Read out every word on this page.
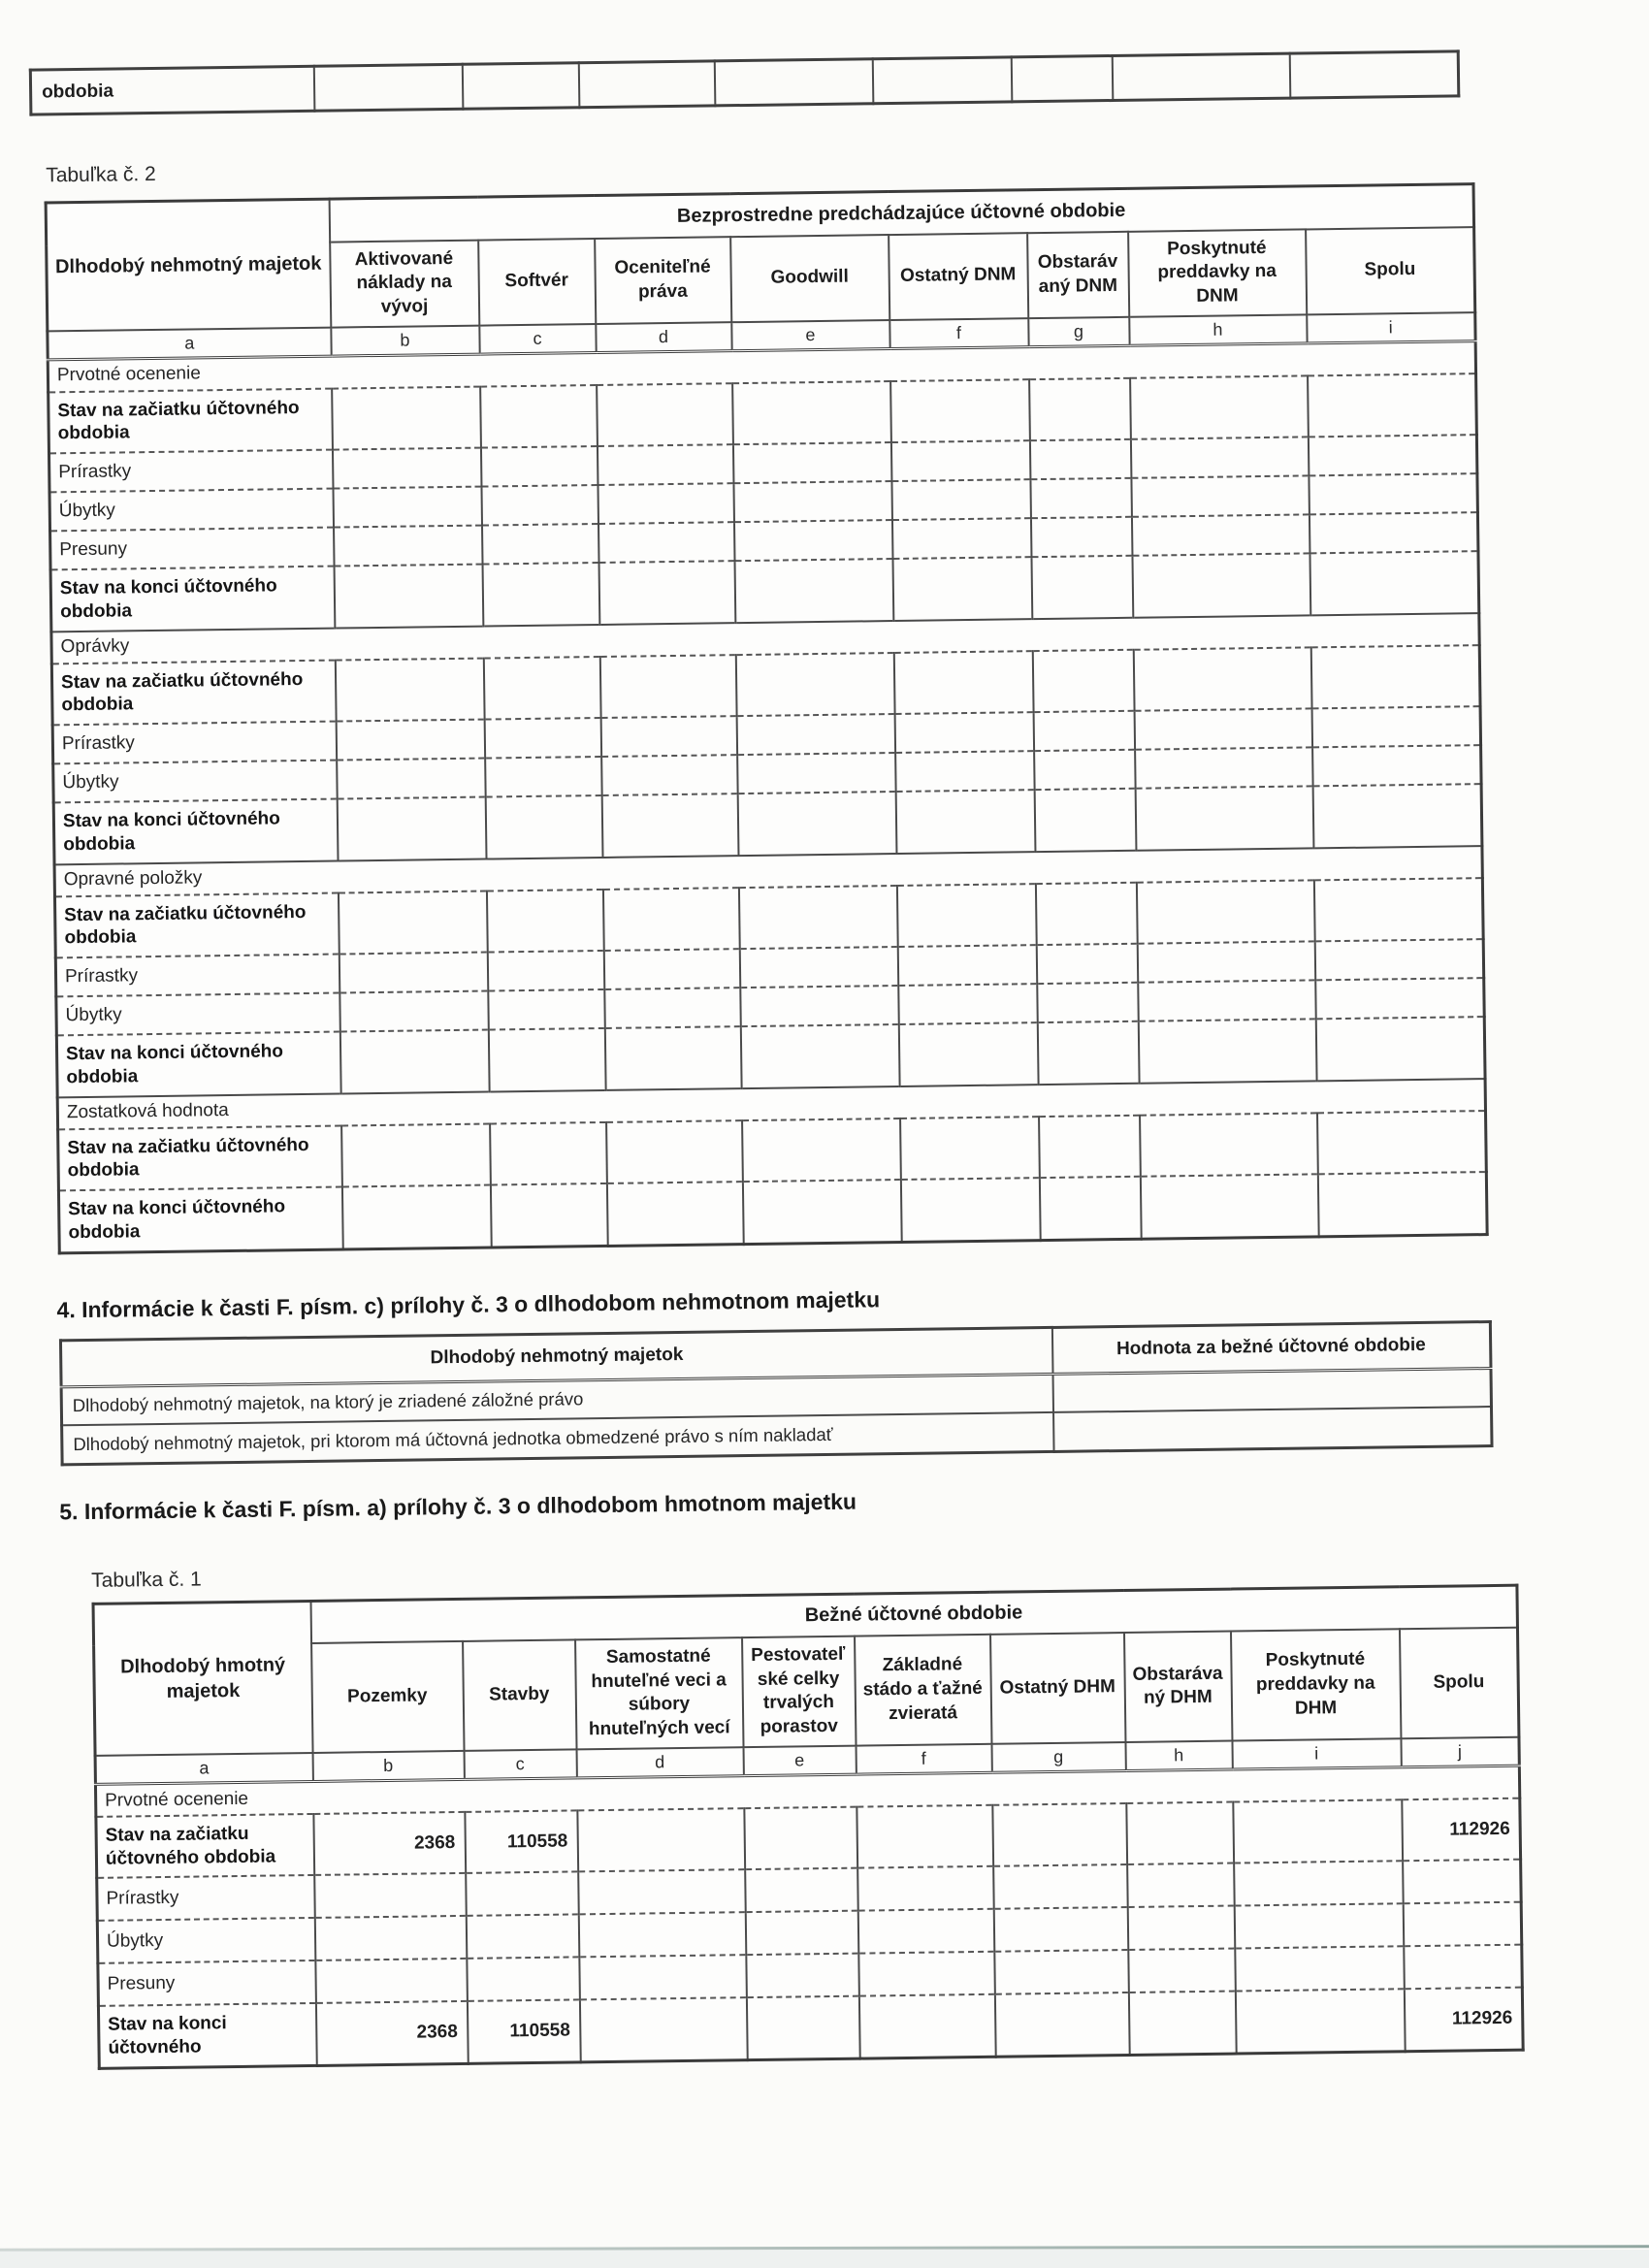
obdobia								
Tabuľka č. 2
Dlhodobý nehmotný majetok	Bezprostredne predchádzajúce účtovné obdobie							
	Aktivované náklady na vývoj	Softvér	Oceniteľné práva	Goodwill	Ostatný DNM	Obstarávaný DNM	Poskytnuté preddavky na DNM	Spolu
a	b	c	d	e	f	g	h	i
Prvotné ocenenie								
Stav na začiatku účtovného obdobia								
Prírastky								
Úbytky								
Presuny								
Stav na konci účtovného obdobia								
Oprávky								
Stav na začiatku účtovného obdobia								
Prírastky								
Úbytky								
Stav na konci účtovného obdobia								
Opravné položky								
Stav na začiatku účtovného obdobia								
Prírastky								
Úbytky								
Stav na konci účtovného obdobia								
Zostatková hodnota								
Stav na začiatku účtovného obdobia								
Stav na konci účtovného obdobia								
4. Informácie k časti F. písm. c) prílohy č. 3 o dlhodobom nehmotnom majetku
Dlhodobý nehmotný majetok	Hodnota za bežné účtovné obdobie
Dlhodobý nehmotný majetok, na ktorý je zriadené záložné právo	
Dlhodobý nehmotný majetok, pri ktorom má účtovná jednotka obmedzené právo s ním nakladať	
5. Informácie k časti F. písm. a) prílohy č. 3 o dlhodobom hmotnom majetku
Tabuľka č. 1
Dlhodobý hmotný majetok	Bežné účtovné obdobie								
	Pozemky	Stavby	Samostatné hnuteľné veci a súbory hnuteľných vecí	Pestovateľské celky trvalých porastov	Základné stádo a ťažné zvieratá	Ostatný DHM	Obstarávaný DHM	Poskytnuté preddavky na DHM	Spolu
a	b	c	d	e	f	g	h	i	j
Prvotné ocenenie									
Stav na začiatku účtovného obdobia	2368	110558							112926
Prírastky									
Úbytky									
Presuny									
Stav na konci účtovného	2368	110558							112926
